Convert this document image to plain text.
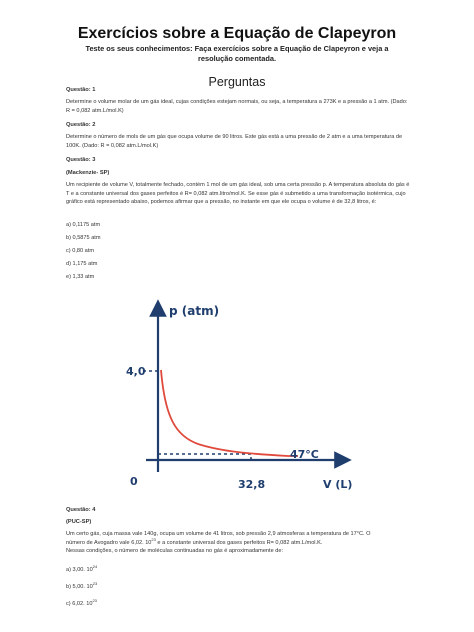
Exercícios sobre a Equação de Clapeyron
Teste os seus conhecimentos: Faça exercícios sobre a Equação de Clapeyron e veja a resolução comentada.
Perguntas
Questão: 1
Determine o volume molar de um gás ideal, cujas condições estejam normais, ou seja, a temperatura a 273K e a pressão a 1 atm. (Dado: R = 0,082 atm.L/mol.K)
Questão: 2
Determine o número de mols de um gás que ocupa volume de 90 litros. Este gás está a uma pressão de 2 atm e a uma temperatura de 100K. (Dado: R = 0,082 atm.L/mol.K)
Questão: 3
(Mackenzie- SP)
Um recipiente de volume V, totalmente fechado, contém 1 mol de um gás ideal, sob uma certa pressão p. A temperatura absoluta do gás é T e a constante universal dos gases perfeitos é R= 0,082 atm.litro/mol.K. Se esse gás é submetido a uma transformação isotérmica, cujo gráfico está representado abaixo, podemos afirmar que a pressão, no instante em que ele ocupa o volume é de 32,8 litros, é:
a) 0,1175 atm
b) 0,5875 atm
c) 0,80 atm
d) 1,175 atm
e) 1,33 atm
p (atm)
4,0
0	32,8	V (L)
47°C
Questão: 4
(PUC-SP)
Um certo gás, cuja massa vale 140g, ocupa um volume de 41 litros, sob pressão 2,9 atmosferas a temperatura de 17°C. O
número de Avogadro vale 6,02. $10^{23}$ e a constante universal dos gases perfeitos R= 0,082 atm.L/mol.K.
Nessas condições, o número de moléculas continuadas no gás é aproximadamente de:
a) 3,00. $10^{24}$
b) 5,00. $10^{23}$
c) 6,02. $10^{23}$
